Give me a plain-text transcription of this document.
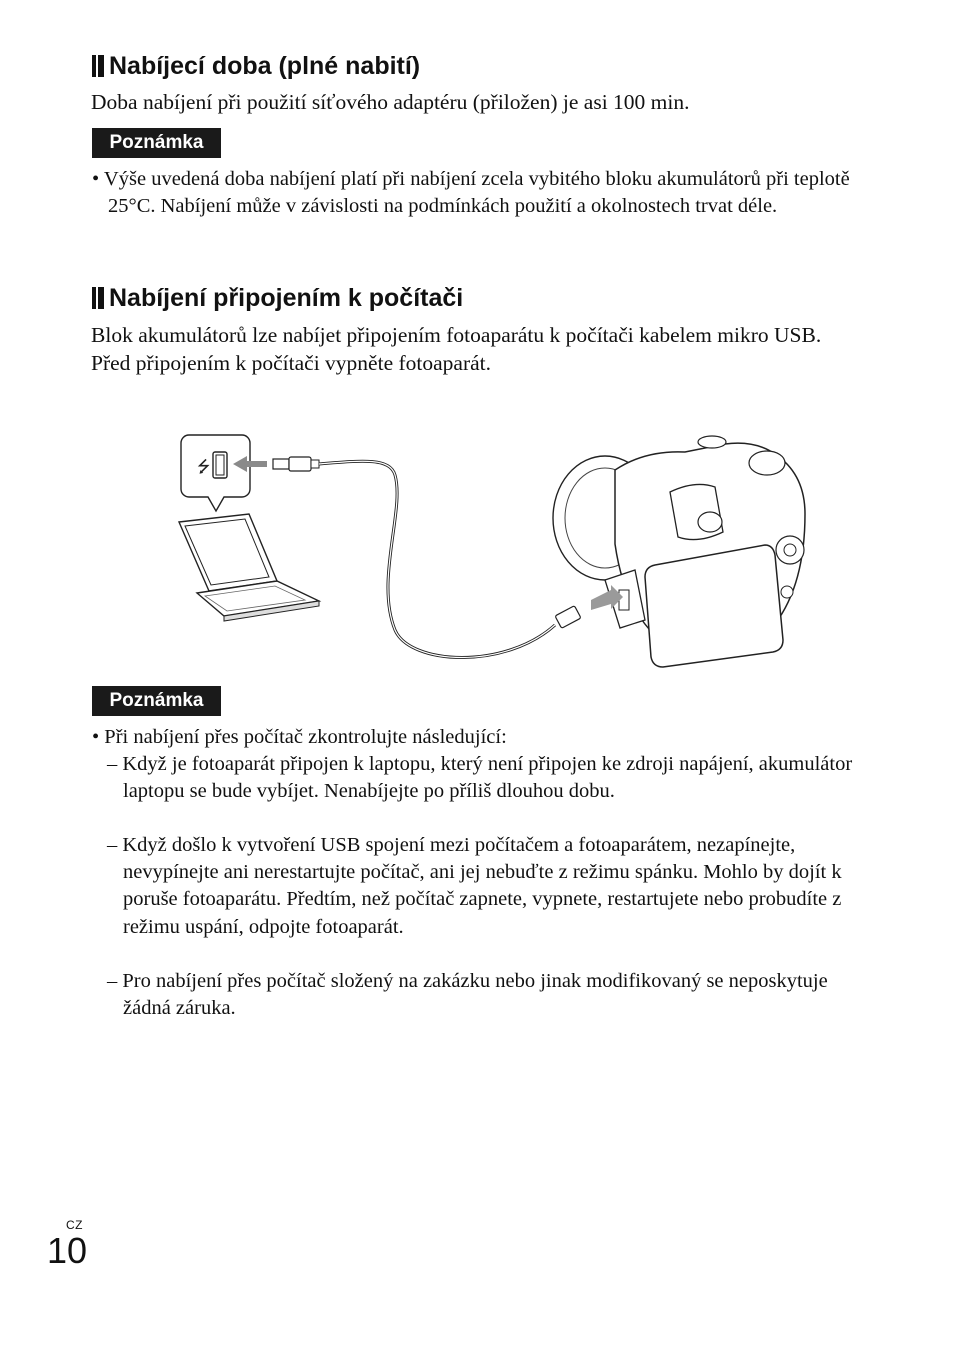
Nabíjecí doba (plné nabití)

Doba nabíjení při použití síťového adaptéru (přiložen) je asi 100 min.

Poznámka

• Výše uvedená doba nabíjení platí při nabíjení zcela vybitého bloku akumulátorů při teplotě 25°C. Nabíjení může v závislosti na podmínkách použití a okolnostech trvat déle.

Nabíjení připojením k počítači

Blok akumulátorů lze nabíjet připojením fotoaparátu k počítači kabelem mikro USB.
Před připojením k počítači vypněte fotoaparát.

⭍
Poznámka

• Při nabíjení přes počítač zkontrolujte následující:

– Když je fotoaparát připojen k laptopu, který není připojen ke zdroji napájení, akumulátor laptopu se bude vybíjet. Nenabíjejte po příliš dlouhou dobu.

– Když došlo k vytvoření USB spojení mezi počítačem a fotoaparátem, nezapínejte, nevypínejte ani nerestartujte počítač, ani jej nebuďte z režimu spánku. Mohlo by dojít k poruše fotoaparátu. Předtím, než počítač zapnete, vypnete, restartujete nebo probudíte z režimu uspání, odpojte fotoaparát.

– Pro nabíjení přes počítač složený na zakázku nebo jinak modifikovaný se neposkytuje žádná záruka.

CZ
10
